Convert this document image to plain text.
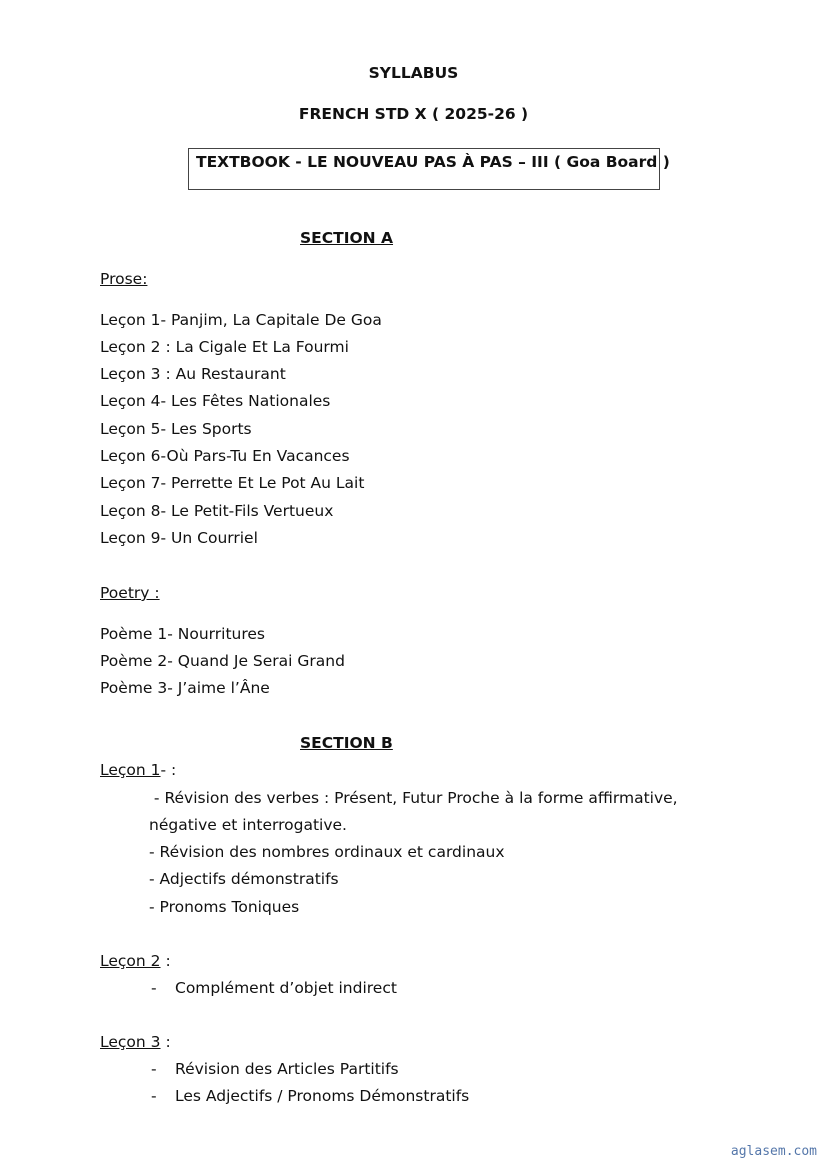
SYLLABUS
FRENCH STD X ( 2025-26 )
TEXTBOOK - LE NOUVEAU PAS À PAS – III ( Goa Board )
SECTION A
Prose:
Leçon 1- Panjim, La Capitale De Goa
Leçon 2 : La Cigale Et La Fourmi
Leçon 3 : Au Restaurant
Leçon 4- Les Fêtes Nationales
Leçon 5- Les Sports
Leçon 6-Où Pars-Tu En Vacances
Leçon 7- Perrette Et Le Pot Au Lait
Leçon 8- Le Petit-Fils Vertueux
Leçon 9- Un Courriel
Poetry :
Poème 1- Nourritures
Poème 2- Quand Je Serai Grand
Poème 3- J’aime l’Âne
SECTION B
Leçon 1- :
- Révision des verbes : Présent, Futur Proche à la forme affirmative,
négative et interrogative.
- Révision des nombres ordinaux et cardinaux
- Adjectifs démonstratifs
- Pronoms Toniques
Leçon 2 :
- Complément d’objet indirect
Leçon 3 :
- Révision des Articles Partitifs
- Les Adjectifs / Pronoms Démonstratifs
aglasem.com
